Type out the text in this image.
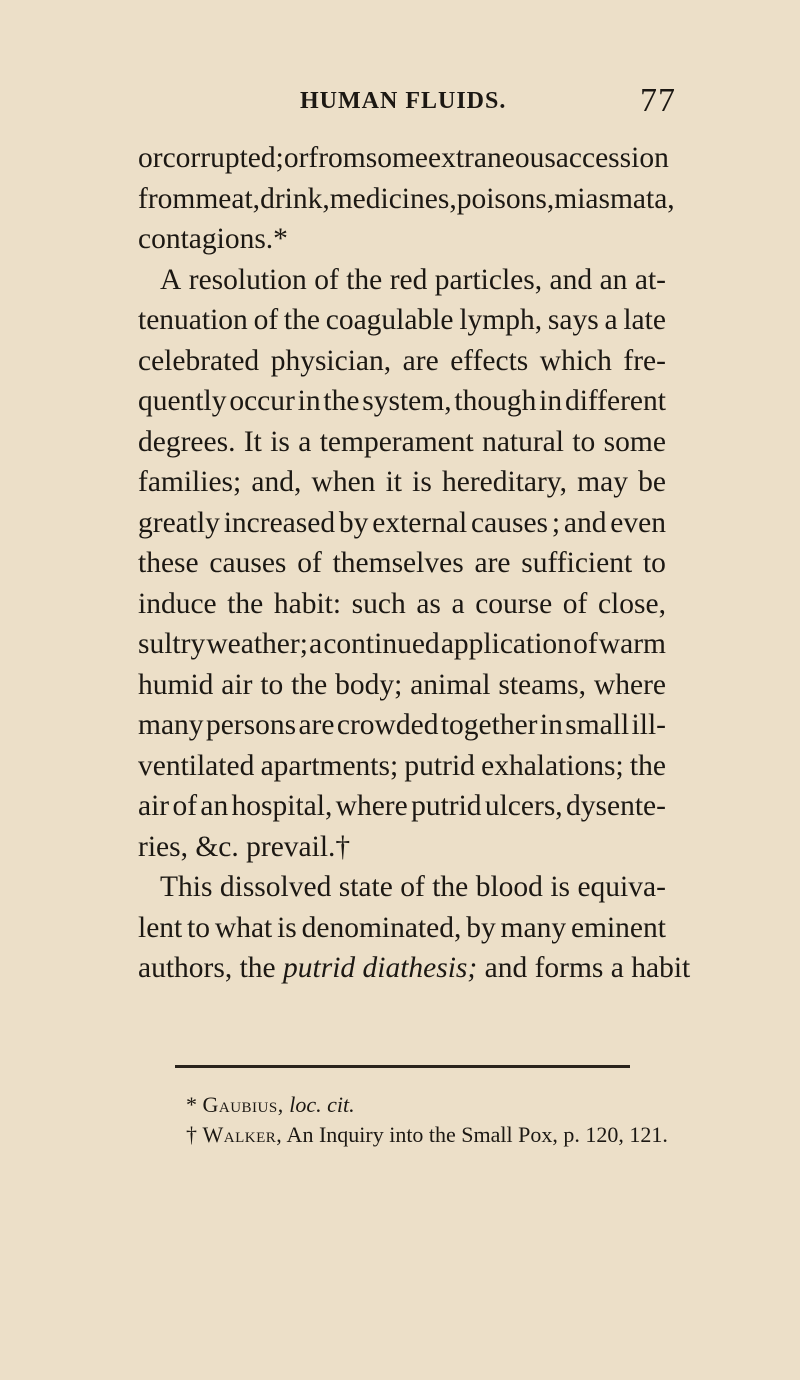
HUMAN FLUIDS.	77
or corrupted; or from some extraneous accession
from meat, drink, medicines, poisons, miasmata,
contagions.*
A resolution of the red particles, and an at-
tenuation of the coagulable lymph, says a late
celebrated physician, are effects which fre-
quently occur in the system, though in different
degrees. It is a temperament natural to some
families; and, when it is hereditary, may be
greatly increased by external causes ; and even
these causes of themselves are sufficient to
induce the habit: such as a course of close,
sultry weather; a continued application of warm
humid air to the body; animal steams, where
many persons are crowded together in small ill-
ventilated apartments; putrid exhalations; the
air of an hospital, where putrid ulcers, dysente-
ries, &c. prevail.†
This dissolved state of the blood is equiva-
lent to what is denominated, by many eminent
authors, the putrid diathesis; and forms a habit
* Gaubius, loc. cit.
† Walker, An Inquiry into the Small Pox, p. 120, 121.
